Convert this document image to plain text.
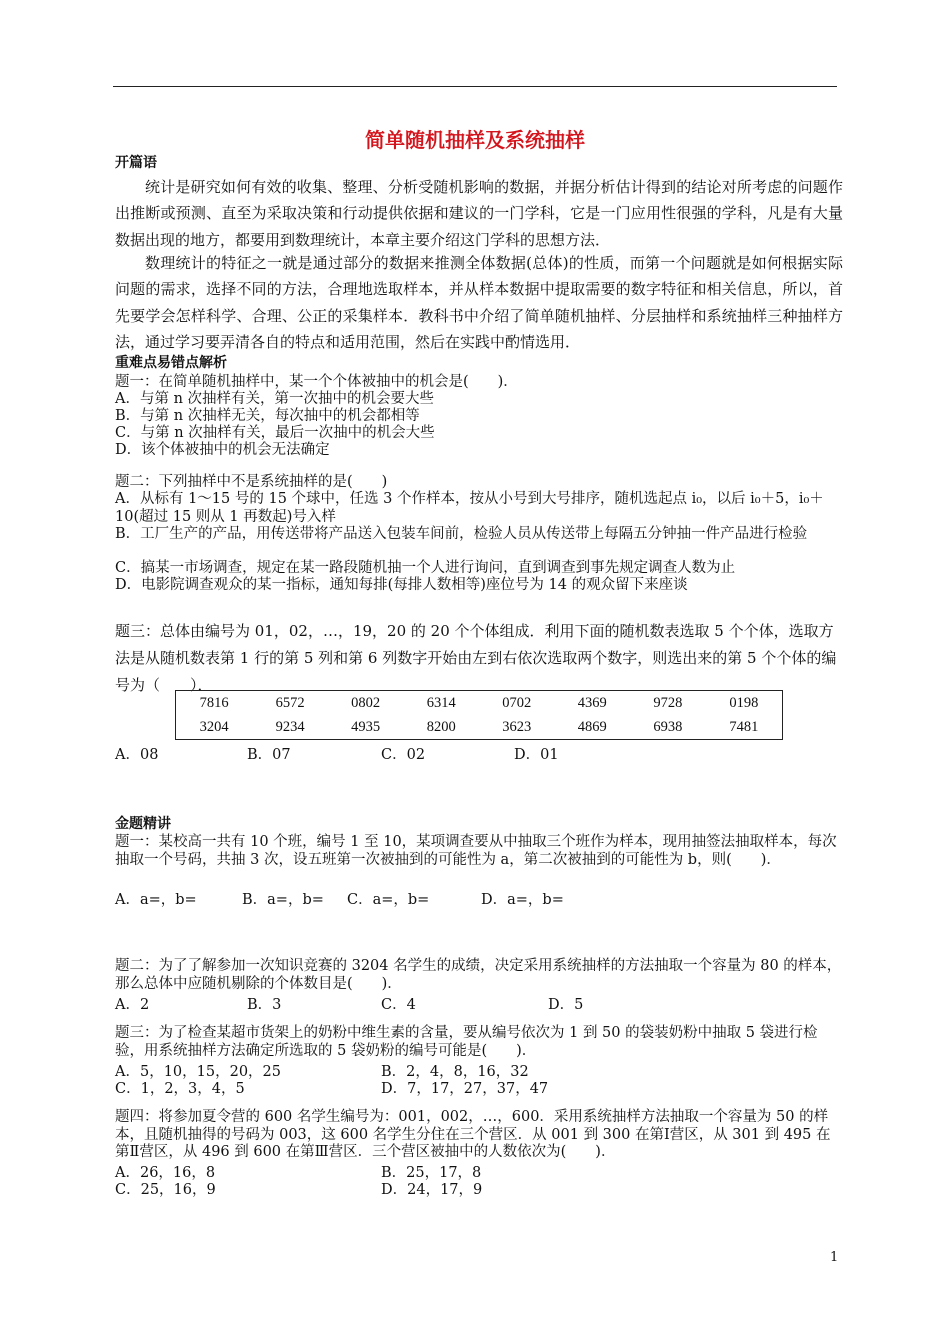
简单随机抽样及系统抽样
开篇语
统计是研究如何有效的收集、整理、分析受随机影响的数据，并据分析估计得到的结论对所考虑的问题作出推断或预测、直至为采取决策和行动提供依据和建议的一门学科，它是一门应用性很强的学科，凡是有大量数据出现的地方，都要用到数理统计，本章主要介绍这门学科的思想方法．
数理统计的特征之一就是通过部分的数据来推测全体数据(总体)的性质，而第一个问题就是如何根据实际问题的需求，选择不同的方法，合理地选取样本，并从样本数据中提取需要的数字特征和相关信息，所以，首先要学会怎样科学、合理、公正的采集样本．教科书中介绍了简单随机抽样、分层抽样和系统抽样三种抽样方法，通过学习要弄清各自的特点和适用范围，然后在实践中酌情选用．
重难点易错点解析
题一：在简单随机抽样中，某一个个体被抽中的机会是(　　)．
A．与第 n 次抽样有关，第一次抽中的机会要大些
B．与第 n 次抽样无关，每次抽中的机会都相等
C．与第 n 次抽样有关，最后一次抽中的机会大些
D．该个体被抽中的机会无法确定
题二：下列抽样中不是系统抽样的是(　　)
A．从标有 1～15 号的 15 个球中，任选 3 个作样本，按从小号到大号排序，随机选起点 i₀，以后 i₀＋5，i₀＋10(超过 15 则从 1 再数起)号入样
B．工厂生产的产品，用传送带将产品送入包装车间前，检验人员从传送带上每隔五分钟抽一件产品进行检验
C．搞某一市场调查，规定在某一路段随机抽一个人进行询问，直到调查到事先规定调查人数为止
D．电影院调查观众的某一指标，通知每排(每排人数相等)座位号为 14 的观众留下来座谈
题三：总体由编号为 01，02，…，19，20 的 20 个个体组成．利用下面的随机数表选取 5 个个体，选取方法是从随机数表第 1 行的第 5 列和第 6 列数字开始由左到右依次选取两个数字，则选出来的第 5 个个体的编号为（　　）．
7816	6572	0802	6314	0702	4369	9728	0198
3204	9234	4935	8200	3623	4869	6938	7481
A．08	B．07	C．02	D．01
金题精讲
题一：某校高一共有 10 个班，编号 1 至 10，某项调查要从中抽取三个班作为样本，现用抽签法抽取样本，每次抽取一个号码，共抽 3 次，设五班第一次被抽到的可能性为 a，第二次被抽到的可能性为 b，则(　　)．
A．a=，b=	B．a=，b= C．a=，b=	D．a=，b=
题二：为了了解参加一次知识竞赛的 3204 名学生的成绩，决定采用系统抽样的方法抽取一个容量为 80 的样本，那么总体中应随机剔除的个体数目是(　　)．
A．2	B．3	C．4	D．5
题三：为了检查某超市货架上的奶粉中维生素的含量，要从编号依次为 1 到 50 的袋装奶粉中抽取 5 袋进行检验，用系统抽样方法确定所选取的 5 袋奶粉的编号可能是(　　)．
A．5，10，15，20，25	B．2，4，8，16，32
C．1，2，3，4，5	D．7，17，27，37，47
题四：将参加夏令营的 600 名学生编号为：001，002，…，600．采用系统抽样方法抽取一个容量为 50 的样本，且随机抽得的号码为 003，这 600 名学生分住在三个营区．从 001 到 300 在第Ⅰ营区，从 301 到 495 在第Ⅱ营区，从 496 到 600 在第Ⅲ营区．三个营区被抽中的人数依次为(　　)．
A．26，16，8	B．25，17，8
C．25，16，9	D．24，17，9
1
